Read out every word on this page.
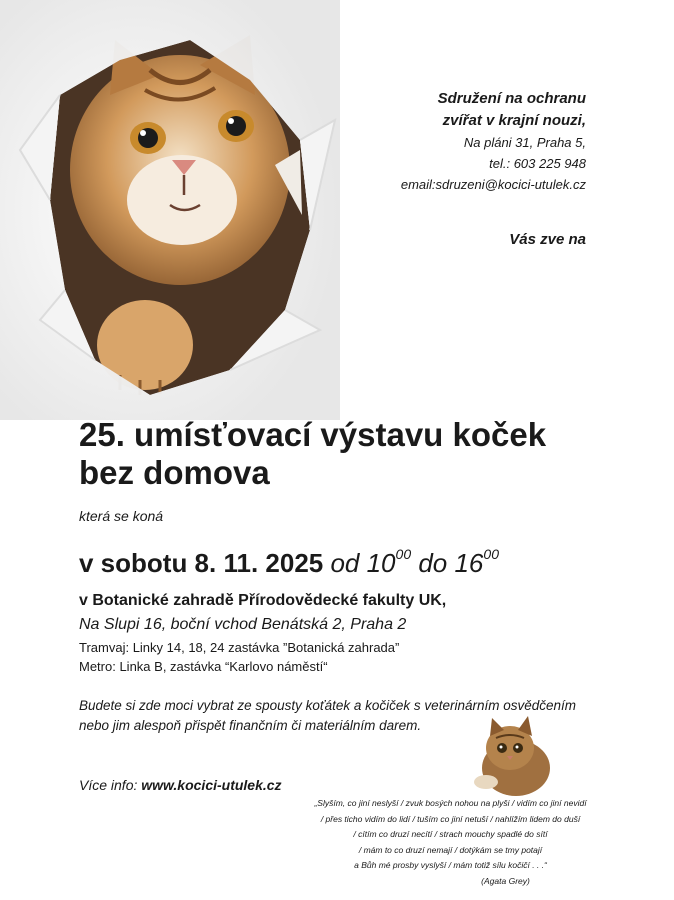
Sdružení na ochranu
zvířat v krajní nouzi,
Na pláni 31, Praha 5,
tel.: 603 225 948
email:sdruzeni@kocici-utulek.cz
Vás zve na
25. umísťovací výstavu koček
bez domova
která se koná
v sobotu 8. 11. 2025 od $10^{00}$ do $16^{00}$
v Botanické zahradě Přírodovědecké fakulty UK,
Na Slupi 16, boční vchod Benátská 2, Praha 2
Tramvaj: Linky 14, 18, 24 zastávka ”Botanická zahrada”
Metro: Linka B, zastávka “Karlovo náměstí“
Budete si zde moci vybrat ze spousty koťátek a kočiček s veterinárním osvědčením nebo jim alespoň přispět finančním či materiálním darem.
Více info: www.kocici-utulek.cz
„Slyším, co jiní neslyší / zvuk bosých nohou na plyši / vidím co jiní nevidí
/ přes ticho vidím do lidí / tuším co jiní netuší / nahlížím lidem do duší
/ cítím co druzí necítí / strach mouchy spadlé do sítí
/ mám to co druzí nemají / dotýkám se tmy potají
a Bůh mé prosby vyslyší / mám totiž sílu kočičí . . .“
(Agata Grey)
